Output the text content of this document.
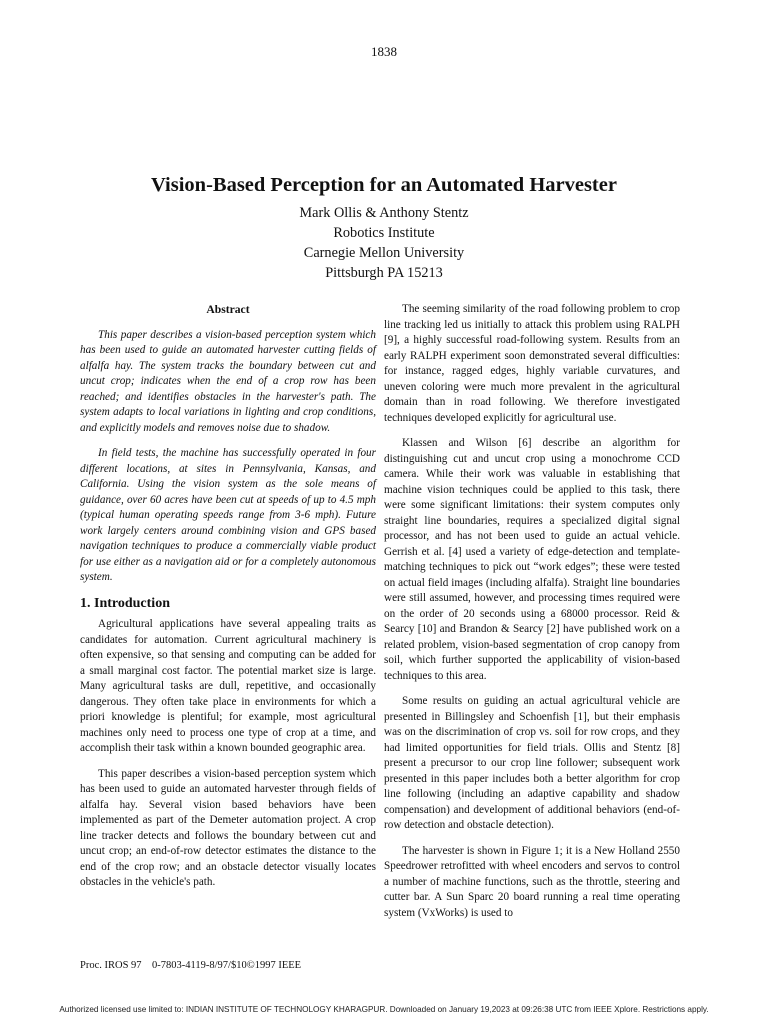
1838
Vision-Based Perception for an Automated Harvester
Mark Ollis & Anthony Stentz
Robotics Institute
Carnegie Mellon University
Pittsburgh PA 15213
Abstract

This paper describes a vision-based perception system which has been used to guide an automated harvester cutting fields of alfalfa hay. The system tracks the boundary between cut and uncut crop; indicates when the end of a crop row has been reached; and identifies obstacles in the harvester's path. The system adapts to local variations in lighting and crop conditions, and explicitly models and removes noise due to shadow.

In field tests, the machine has successfully operated in four different locations, at sites in Pennsylvania, Kansas, and California. Using the vision system as the sole means of guidance, over 60 acres have been cut at speeds of up to 4.5 mph (typical human operating speeds range from 3-6 mph). Future work largely centers around combining vision and GPS based navigation techniques to produce a commercially viable product for use either as a navigation aid or for a completely autonomous system.

1. Introduction

Agricultural applications have several appealing traits as candidates for automation. Current agricultural machinery is often expensive, so that sensing and computing can be added for a small marginal cost factor. The potential market size is large. Many agricultural tasks are dull, repetitive, and occasionally dangerous. They often take place in environments for which a priori knowledge is plentiful; for example, most agricultural machines only need to process one type of crop at a time, and accomplish their task within a known bounded geographic area.

This paper describes a vision-based perception system which has been used to guide an automated harvester through fields of alfalfa hay. Several vision based behaviors have been implemented as part of the Demeter automation project. A crop line tracker detects and follows the boundary between cut and uncut crop; an end-of-row detector estimates the distance to the end of the crop row; and an obstacle detector visually locates obstacles in the vehicle's path.

The seeming similarity of the road following problem to crop line tracking led us initially to attack this problem using RALPH [9], a highly successful road-following system. Results from an early RALPH experiment soon demonstrated several difficulties: for instance, ragged edges, highly variable curvatures, and uneven coloring were much more prevalent in the agricultural domain than in road following. We therefore investigated techniques developed explicitly for agricultural use.

Klassen and Wilson [6] describe an algorithm for distinguishing cut and uncut crop using a monochrome CCD camera. While their work was valuable in establishing that machine vision techniques could be applied to this task, there were some significant limitations: their system computes only straight line boundaries, requires a specialized digital signal processor, and has not been used to guide an actual vehicle. Gerrish et al. [4] used a variety of edge-detection and template-matching techniques to pick out “work edges”; these were tested on actual field images (including alfalfa). Straight line boundaries were still assumed, however, and processing times required were on the order of 20 seconds using a 68000 processor. Reid & Searcy [10] and Brandon & Searcy [2] have published work on a related problem, vision-based segmentation of crop canopy from soil, which further supported the applicability of vision-based techniques to this area.

Some results on guiding an actual agricultural vehicle are presented in Billingsley and Schoenfish [1], but their emphasis was on the discrimination of crop vs. soil for row crops, and they had limited opportunities for field trials. Ollis and Stentz [8] present a precursor to our crop line follower; subsequent work presented in this paper includes both a better algorithm for crop line following (including an adaptive capability and shadow compensation) and development of additional behaviors (end-of-row detection and obstacle detection).

The harvester is shown in Figure 1; it is a New Holland 2550 Speedrower retrofitted with wheel encoders and servos to control a number of machine functions, such as the throttle, steering and cutter bar. A Sun Sparc 20 board running a real time operating system (VxWorks) is used to

Proc. IROS 97    0-7803-4119-8/97/$10©1997 IEEE
Authorized licensed use limited to: INDIAN INSTITUTE OF TECHNOLOGY KHARAGPUR. Downloaded on January 19,2023 at 09:26:38 UTC from IEEE Xplore. Restrictions apply.
